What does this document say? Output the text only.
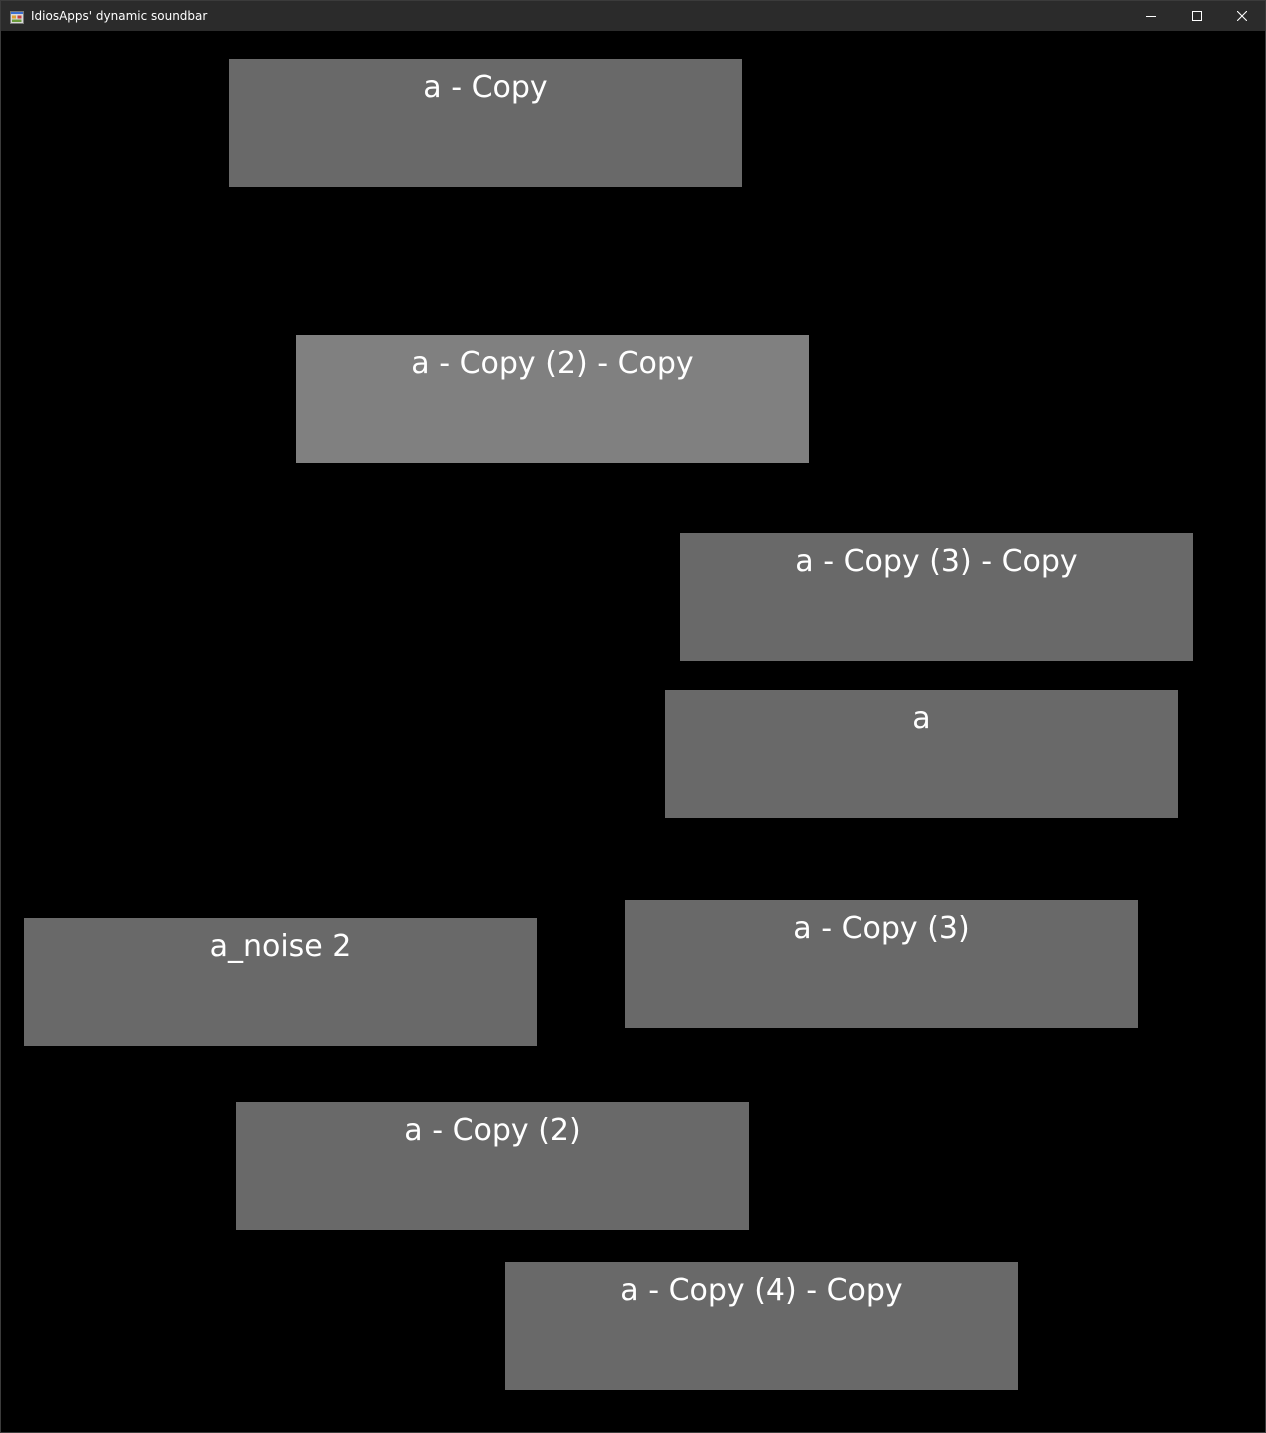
IdiosApps' dynamic soundbar
a - Copy
a - Copy (2) - Copy
a - Copy (3) - Copy
a
a_noise 2
a - Copy (3)
a - Copy (2)
a - Copy (4) - Copy
